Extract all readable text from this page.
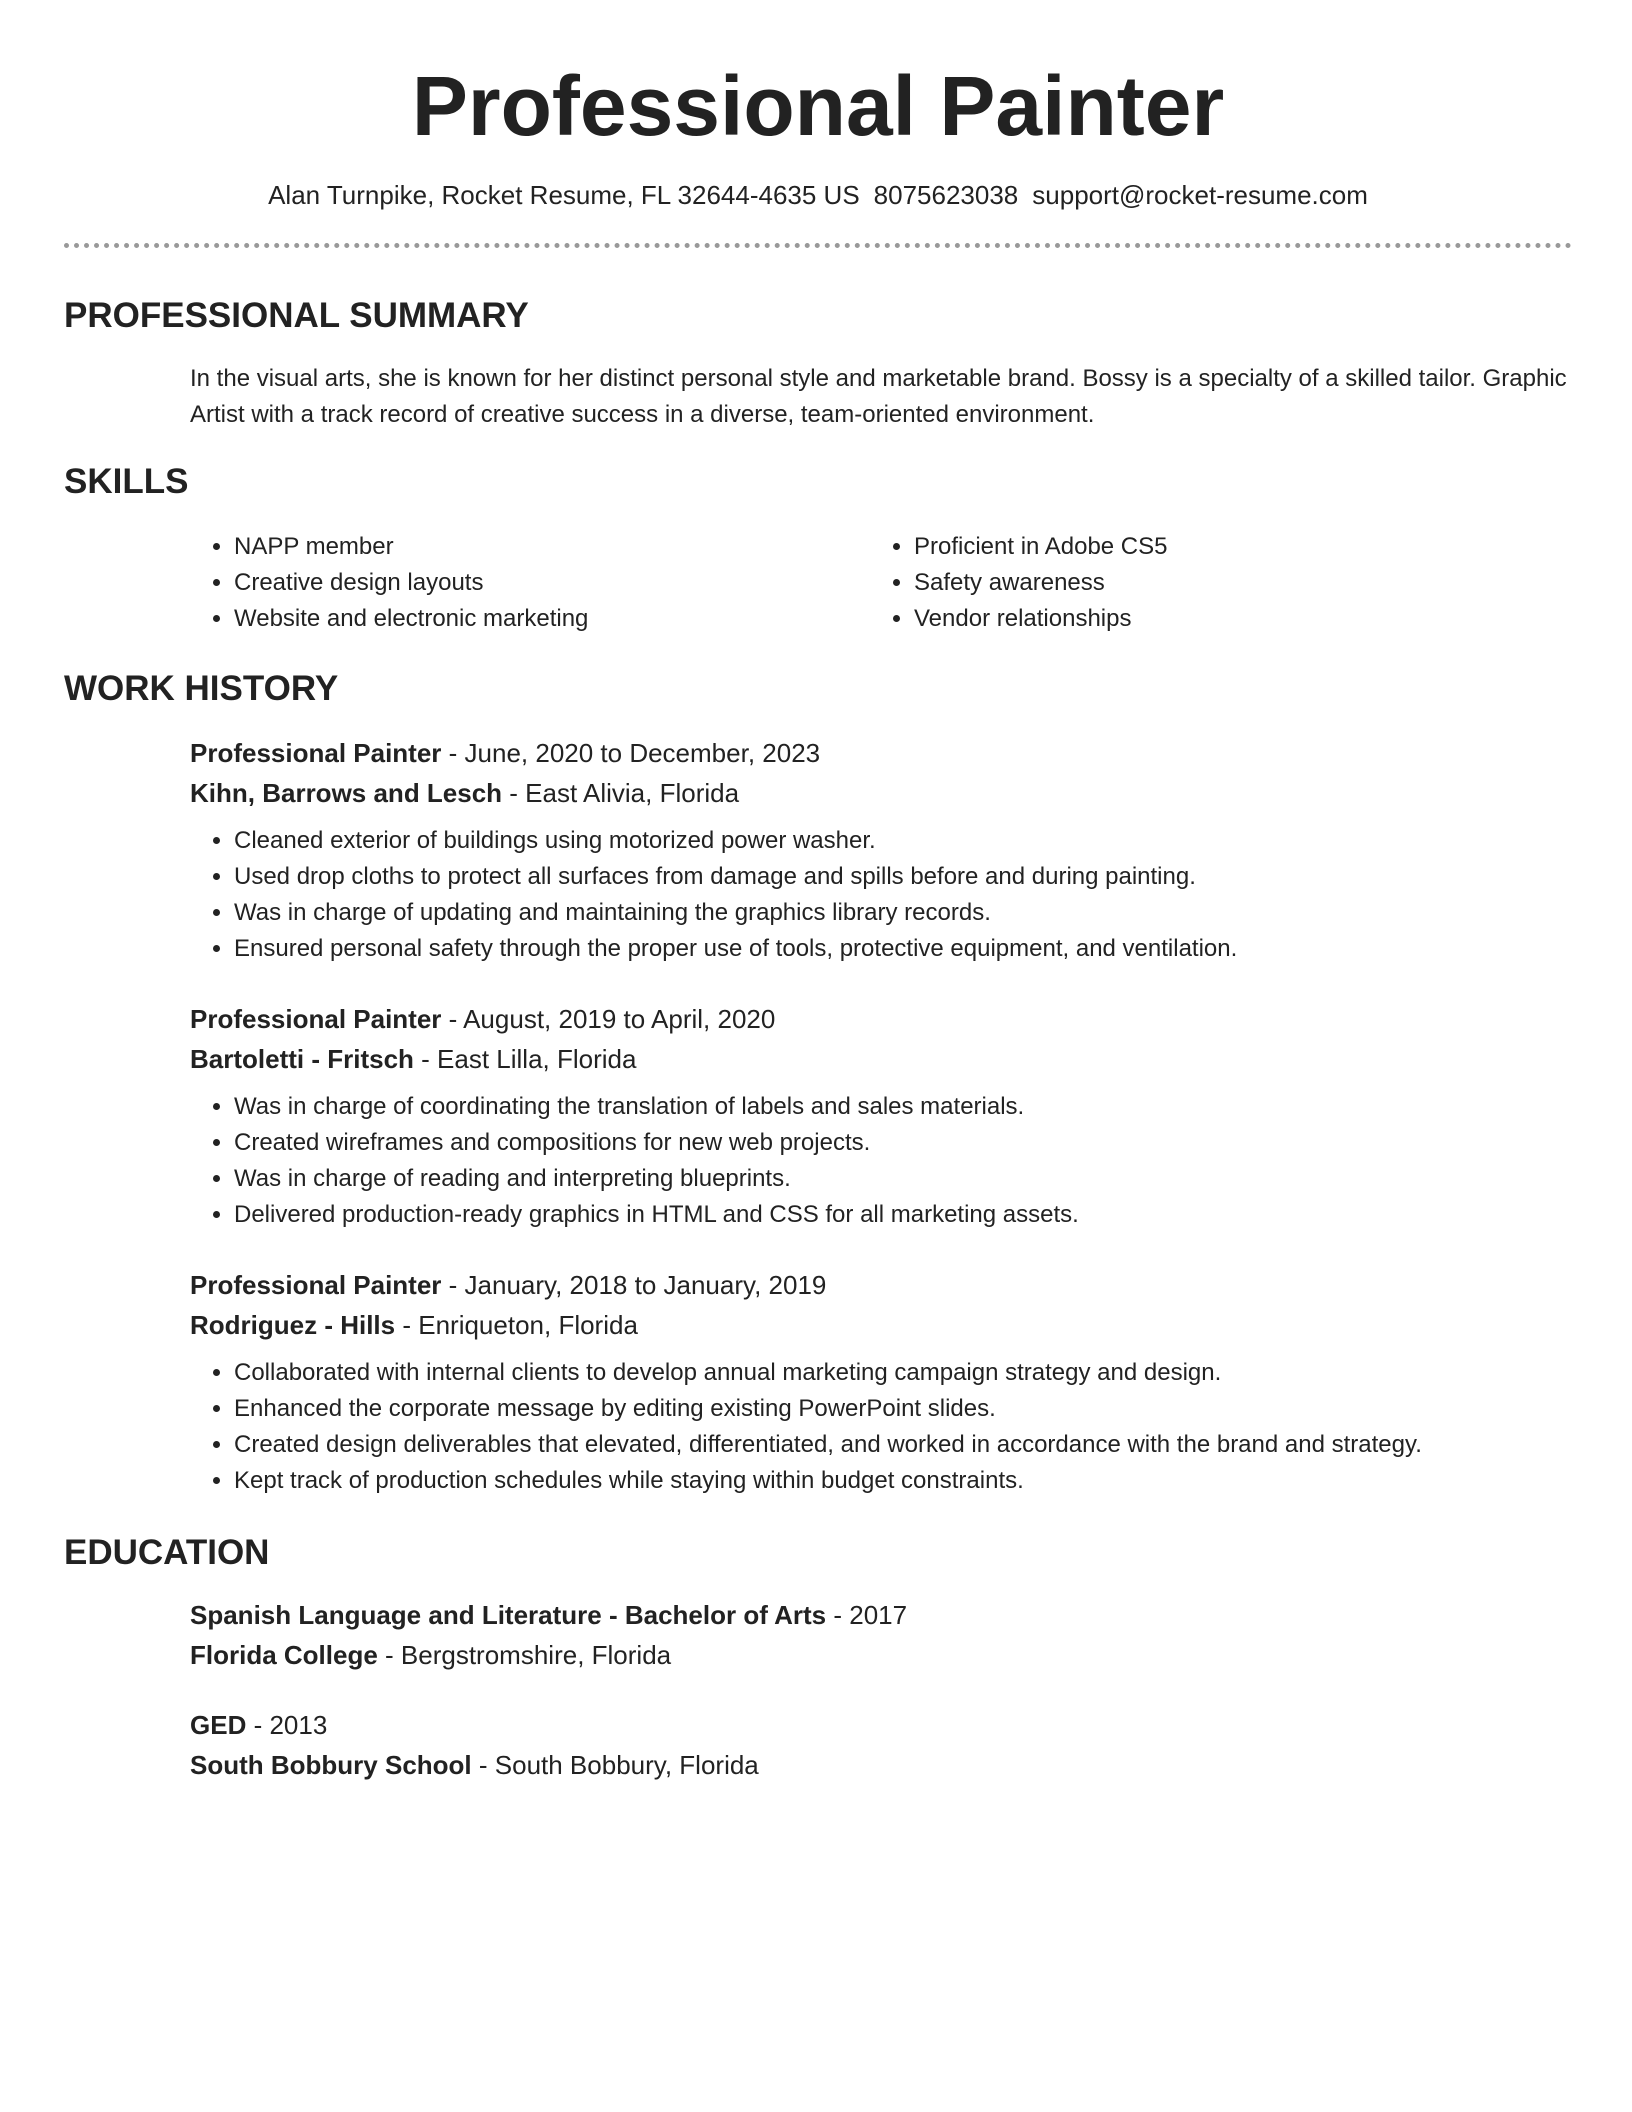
Professional Painter
Alan Turnpike, Rocket Resume, FL 32644-4635 US 8075623038 support@rocket-resume.com
PROFESSIONAL SUMMARY
In the visual arts, she is known for her distinct personal style and marketable brand. Bossy is a specialty of a skilled tailor. Graphic Artist with a track record of creative success in a diverse, team-oriented environment.
SKILLS
• NAPP member
• Creative design layouts
• Website and electronic marketing
• Proficient in Adobe CS5
• Safety awareness
• Vendor relationships
WORK HISTORY
Professional Painter - June, 2020 to December, 2023
Kihn, Barrows and Lesch - East Alivia, Florida
• Cleaned exterior of buildings using motorized power washer.
• Used drop cloths to protect all surfaces from damage and spills before and during painting.
• Was in charge of updating and maintaining the graphics library records.
• Ensured personal safety through the proper use of tools, protective equipment, and ventilation.
Professional Painter - August, 2019 to April, 2020
Bartoletti - Fritsch - East Lilla, Florida
• Was in charge of coordinating the translation of labels and sales materials.
• Created wireframes and compositions for new web projects.
• Was in charge of reading and interpreting blueprints.
• Delivered production-ready graphics in HTML and CSS for all marketing assets.
Professional Painter - January, 2018 to January, 2019
Rodriguez - Hills - Enriqueton, Florida
• Collaborated with internal clients to develop annual marketing campaign strategy and design.
• Enhanced the corporate message by editing existing PowerPoint slides.
• Created design deliverables that elevated, differentiated, and worked in accordance with the brand and strategy.
• Kept track of production schedules while staying within budget constraints.
EDUCATION
Spanish Language and Literature - Bachelor of Arts - 2017
Florida College - Bergstromshire, Florida
GED - 2013
South Bobbury School - South Bobbury, Florida
